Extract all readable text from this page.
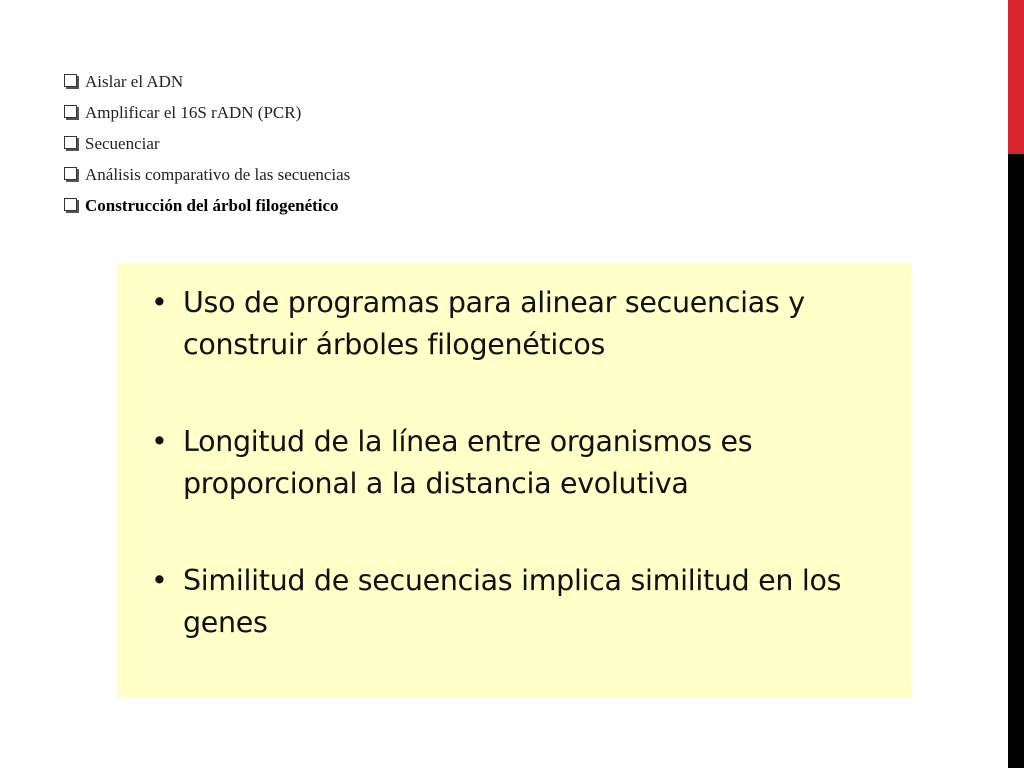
Aislar el ADN
Amplificar el 16S rADN (PCR)
Secuenciar
Análisis comparativo de las secuencias
Construcción del árbol filogenético
• Uso de programas para alinear secuencias y construir árboles filogenéticos
• Longitud de la línea entre organismos es proporcional a la distancia evolutiva
• Similitud de secuencias implica similitud en los genes
